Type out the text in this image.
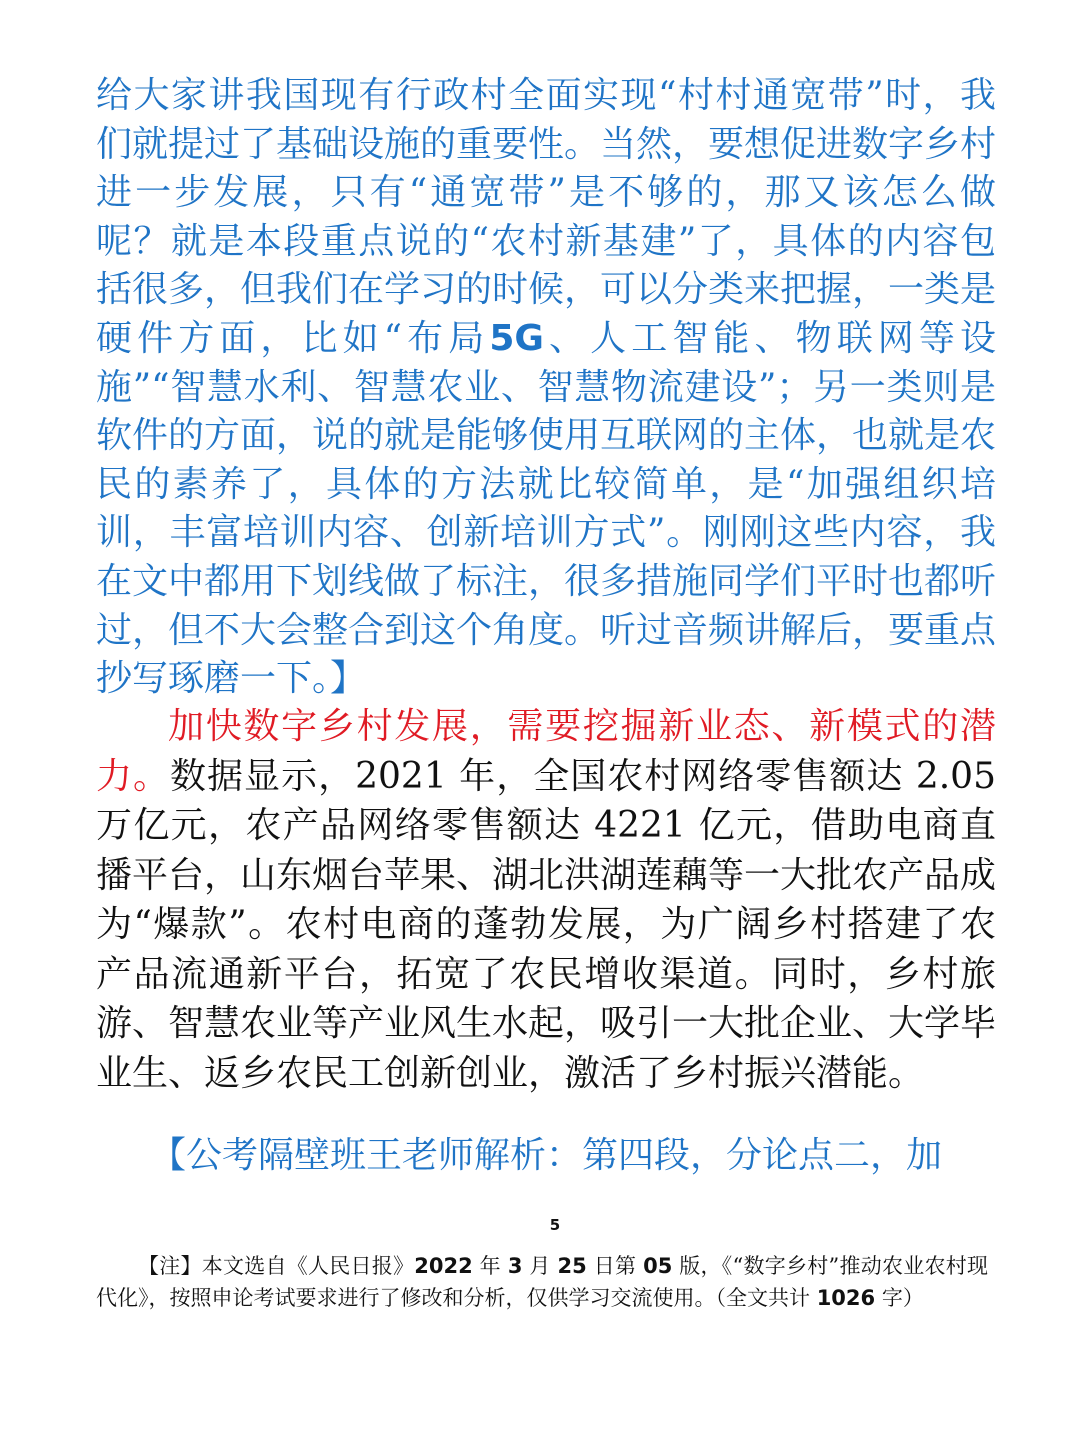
给大家讲我国现有行政村全面实现“村村通宽带”时，我们就提过了基础设施的重要性。当然，要想促进数字乡村进一步发展，只有“通宽带”是不够的，那又该怎么做呢？就是本段重点说的“农村新基建”了，具体的内容包括很多，但我们在学习的时候，可以分类来把握，一类是硬件方面，比如“布局5G、人工智能、物联网等设施”“智慧水利、智慧农业、智慧物流建设”；另一类则是软件的方面，说的就是能够使用互联网的主体，也就是农民的素养了，具体的方法就比较简单，是“加强组织培训，丰富培训内容、创新培训方式”。刚刚这些内容，我在文中都用下划线做了标注，很多措施同学们平时也都听过，但不大会整合到这个角度。听过音频讲解后，要重点抄写琢磨一下。】

加快数字乡村发展，需要挖掘新业态、新模式的潜力。数据显示，2021 年，全国农村网络零售额达 2.05 万亿元，农产品网络零售额达 4221 亿元，借助电商直播平台，山东烟台苹果、湖北洪湖莲藕等一大批农产品成为“爆款”。农村电商的蓬勃发展，为广阔乡村搭建了农产品流通新平台，拓宽了农民增收渠道。同时，乡村旅游、智慧农业等产业风生水起，吸引一大批企业、大学毕业生、返乡农民工创新创业，激活了乡村振兴潜能。

【公考隔壁班王老师解析：第四段，分论点二，加

5

【注】本文选自《人民日报》2022 年 3 月 25 日第 05 版，《“数字乡村”推动农业农村现代化》，按照申论考试要求进行了修改和分析，仅供学习交流使用。（全文共计 1026 字）
